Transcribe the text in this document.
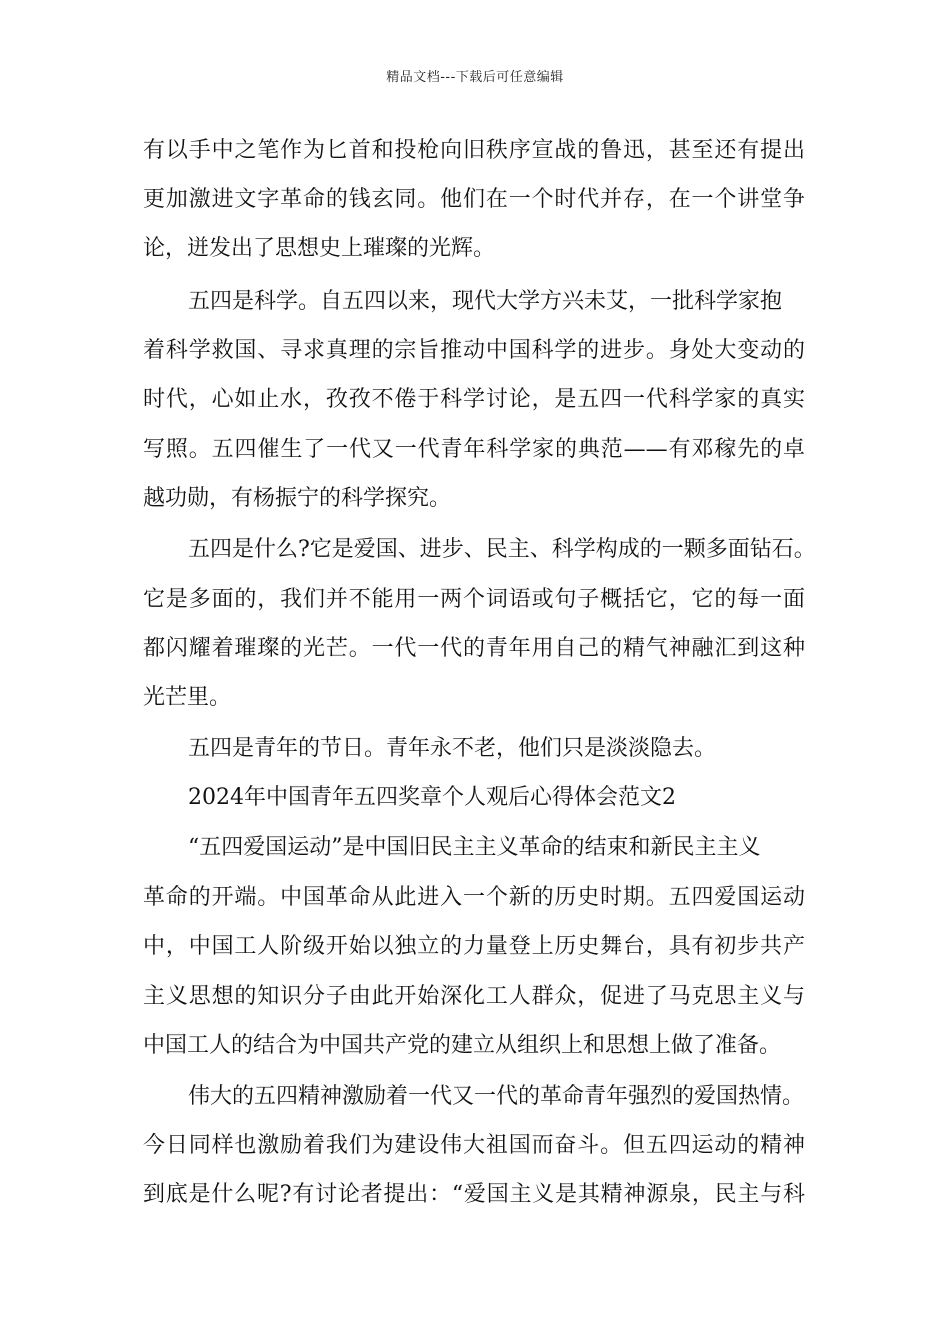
精品文档---下载后可任意编辑
有以手中之笔作为匕首和投枪向旧秩序宣战的鲁迅，甚至还有提出
更加激进文字革命的钱玄同。他们在一个时代并存，在一个讲堂争
论，迸发出了思想史上璀璨的光辉。
五四是科学。自五四以来，现代大学方兴未艾，一批科学家抱
着科学救国、寻求真理的宗旨推动中国科学的进步。身处大变动的
时代，心如止水，孜孜不倦于科学讨论，是五四一代科学家的真实
写照。五四催生了一代又一代青年科学家的典范——有邓稼先的卓
越功勋，有杨振宁的科学探究。
五四是什么?它是爱国、进步、民主、科学构成的一颗多面钻石。
它是多面的，我们并不能用一两个词语或句子概括它，它的每一面
都闪耀着璀璨的光芒。一代一代的青年用自己的精气神融汇到这种
光芒里。
五四是青年的节日。青年永不老，他们只是淡淡隐去。
2024年中国青年五四奖章个人观后心得体会范文2
“五四爱国运动”是中国旧民主主义革命的结束和新民主主义
革命的开端。中国革命从此进入一个新的历史时期。五四爱国运动
中，中国工人阶级开始以独立的力量登上历史舞台，具有初步共产
主义思想的知识分子由此开始深化工人群众，促进了马克思主义与
中国工人的结合为中国共产党的建立从组织上和思想上做了准备。
伟大的五四精神激励着一代又一代的革命青年强烈的爱国热情。
今日同样也激励着我们为建设伟大祖国而奋斗。但五四运动的精神
到底是什么呢?有讨论者提出：“爱国主义是其精神源泉，民主与科
